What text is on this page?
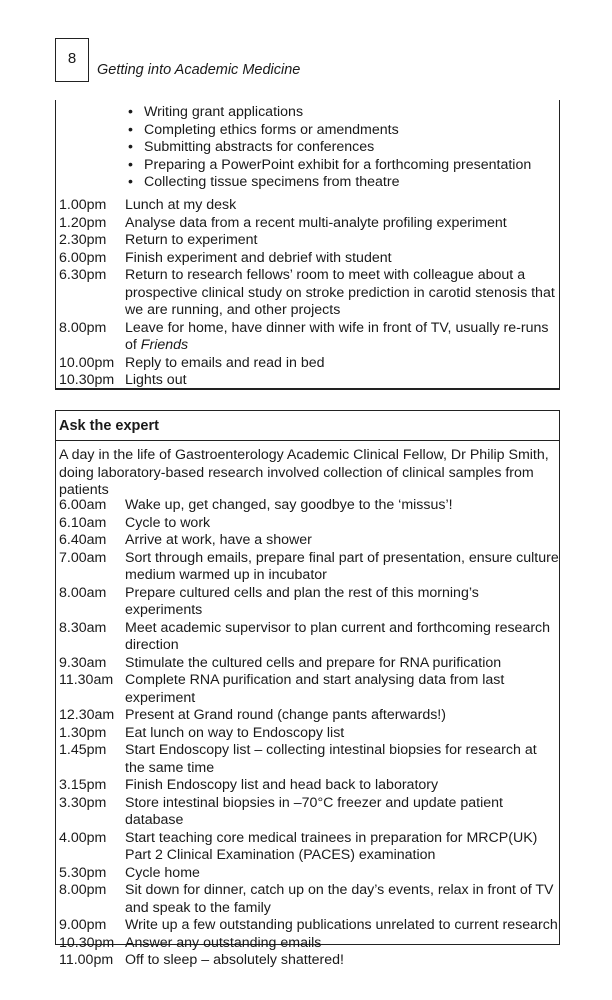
8
Getting into Academic Medicine
• Writing grant applications
• Completing ethics forms or amendments
• Submitting abstracts for conferences
• Preparing a PowerPoint exhibit for a forthcoming presentation
• Collecting tissue specimens from theatre
1.00pm	Lunch at my desk
1.20pm	Analyse data from a recent multi-analyte profiling experiment
2.30pm	Return to experiment
6.00pm	Finish experiment and debrief with student
6.30pm	Return to research fellows’ room to meet with colleague about a prospective clinical study on stroke prediction in carotid stenosis that we are running, and other projects
8.00pm	Leave for home, have dinner with wife in front of TV, usually re-runs of Friends
10.00pm Reply to emails and read in bed
10.30pm Lights out
Ask the expert
A day in the life of Gastroenterology Academic Clinical Fellow, Dr Philip Smith, doing laboratory-based research involved collection of clinical samples from patients
6.00am	Wake up, get changed, say goodbye to the ‘missus’!
6.10am	Cycle to work
6.40am	Arrive at work, have a shower
7.00am	Sort through emails, prepare final part of presentation, ensure culture medium warmed up in incubator
8.00am	Prepare cultured cells and plan the rest of this morning’s experiments
8.30am	Meet academic supervisor to plan current and forthcoming research direction
9.30am	Stimulate the cultured cells and prepare for RNA purification
11.30am Complete RNA purification and start analysing data from last experiment
12.30am Present at Grand round (change pants afterwards!)
1.30pm	Eat lunch on way to Endoscopy list
1.45pm	Start Endoscopy list – collecting intestinal biopsies for research at the same time
3.15pm	Finish Endoscopy list and head back to laboratory
3.30pm	Store intestinal biopsies in –70°C freezer and update patient database
4.00pm	Start teaching core medical trainees in preparation for MRCP(UK) Part 2 Clinical Examination (PACES) examination
5.30pm	Cycle home
8.00pm	Sit down for dinner, catch up on the day’s events, relax in front of TV and speak to the family
9.00pm	Write up a few outstanding publications unrelated to current research
10.30pm Answer any outstanding emails
11.00pm Off to sleep – absolutely shattered!
